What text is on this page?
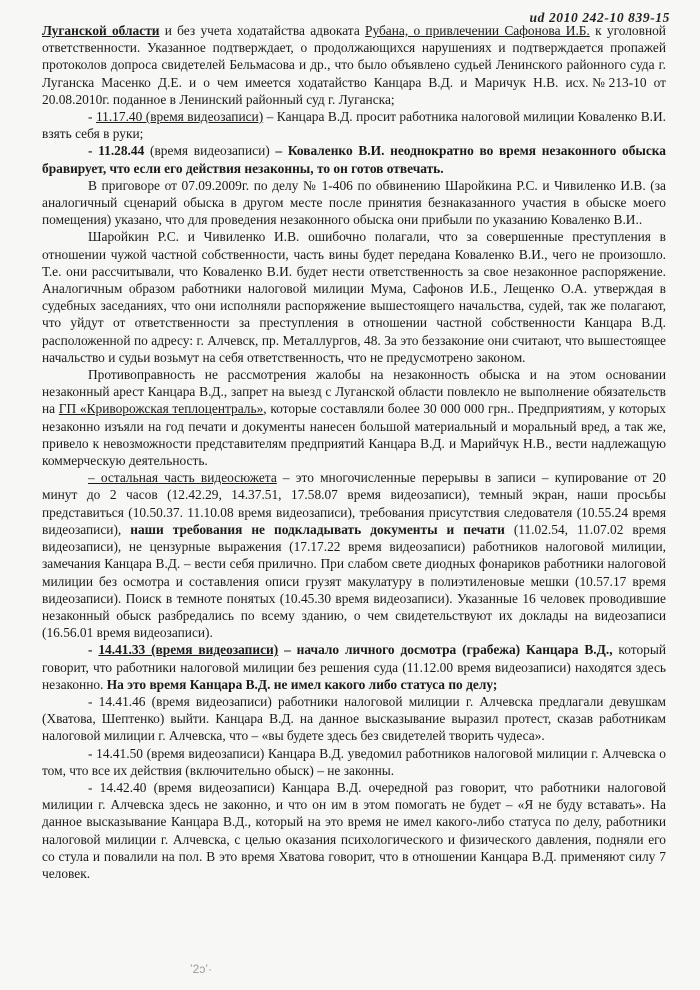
ud 2010 242-10 839-15

Луганской области и без учета ходатайства адвоката Рубана, о привлечении Сафонова И.Б. к уголовной ответственности. Указанное подтверждает, о продолжающихся нарушениях и подтверждается пропажей протоколов допроса свидетелей Бельмасова и др., что было объявлено судьей Ленинского районного суда г. Луганска Масенко Д.Е. и о чем имеется ходатайство Канцара В.Д. и Маричук Н.В. исх.№213-10 от 20.08.2010г. поданное в Ленинский районный суд г. Луганска;

- 11.17.40 (время видеозаписи) – Канцара В.Д. просит работника налоговой милиции Коваленко В.И. взять себя в руки;

- 11.28.44 (время видеозаписи) – Коваленко В.И. неоднократно во время незаконного обыска бравирует, что если его действия незаконны, то он готов отвечать.

В приговоре от 07.09.2009г. по делу № 1-406 по обвинению Шаройкина Р.С. и Чивиленко И.В. (за аналогичный сценарий обыска в другом месте после принятия безнаказанного участия в обыске моего помещения) указано, что для проведения незаконного обыска они прибыли по указанию Коваленко В.И..

Шаройкин Р.С. и Чивиленко И.В. ошибочно полагали, что за совершенные преступления в отношении чужой частной собственности, часть вины будет передана Коваленко В.И., чего не произошло. Т.е. они рассчитывали, что Коваленко В.И. будет нести ответственность за свое незаконное распоряжение. Аналогичным образом работники налоговой милиции Мума, Сафонов И.Б., Лещенко О.А. утверждая в судебных заседаниях, что они исполняли распоряжение вышестоящего начальства, судей, так же полагают, что уйдут от ответственности за преступления в отношении частной собственности Канцара В.Д. расположенной по адресу: г. Алчевск, пр. Металлургов, 48. За это беззаконие они считают, что вышестоящее начальство и судьи возьмут на себя ответственность, что не предусмотрено законом.

Противоправность не рассмотрения жалобы на незаконность обыска и на этом основании незаконный арест Канцара В.Д., запрет на выезд с Луганской области повлекло не выполнение обязательств на ГП «Криворожская теплоцентраль», которые составляли более 30 000 000 грн.. Предприятиям, у которых незаконно изъяли на год печати и документы нанесен большой материальный и моральный вред, а так же, привело к невозможности представителям предприятий Канцара В.Д. и Марийчук Н.В., вести надлежащую коммерческую деятельность.

– остальная часть видеосюжета – это многочисленные перерывы в записи – купирование от 20 минут до 2 часов (12.42.29, 14.37.51, 17.58.07 время видеозаписи), темный экран, наши просьбы представиться (10.50.37. 11.10.08 время видеозаписи), требования присутствия следователя (10.55.24 время видеозаписи), наши требования не подкладывать документы и печати (11.02.54, 11.07.02 время видеозаписи), не цензурные выражения (17.17.22 время видеозаписи) работников налоговой милиции, замечания Канцара В.Д. – вести себя прилично. При слабом свете диодных фонариков работники налоговой милиции без осмотра и составления описи грузят макулатуру в полиэтиленовые мешки (10.57.17 время видеозаписи). Поиск в темноте понятых (10.45.30 время видеозаписи). Указанные 16 человек проводившие незаконный обыск разбредались по всему зданию, о чем свидетельствуют их доклады на видеозаписи (16.56.01 время видеозаписи).

- 14.41.33 (время видеозаписи) – начало личного досмотра (грабежа) Канцара В.Д., который говорит, что работники налоговой милиции без решения суда (11.12.00 время видеозаписи) находятся здесь незаконно. На это время Канцара В.Д. не имел какого либо статуса по делу;

- 14.41.46 (время видеозаписи) работники налоговой милиции г. Алчевска предлагали девушкам (Хватова, Шептенко) выйти. Канцара В.Д. на данное высказывание выразил протест, сказав работникам налоговой милиции г. Алчевска, что – «вы будете здесь без свидетелей творить чудеса».

- 14.41.50 (время видеозаписи) Канцара В.Д. уведомил работников налоговой милиции г. Алчевска о том, что все их действия (включительно обыск) – не законны.

- 14.42.40 (время видеозаписи) Канцара В.Д. очередной раз говорит, что работники налоговой милиции г. Алчевска здесь не законно, и что он им в этом помогать не будет – «Я не буду вставать». На данное высказывание Канцара В.Д., который на это время не имел какого-либо статуса по делу, работники налоговой милиции г. Алчевска, с целью оказания психологического и физического давления, подняли его со стула и повалили на пол. В это время Хватова говорит, что в отношении Канцара В.Д. применяют силу 7 человек.

ʼ2ɔʼ·
